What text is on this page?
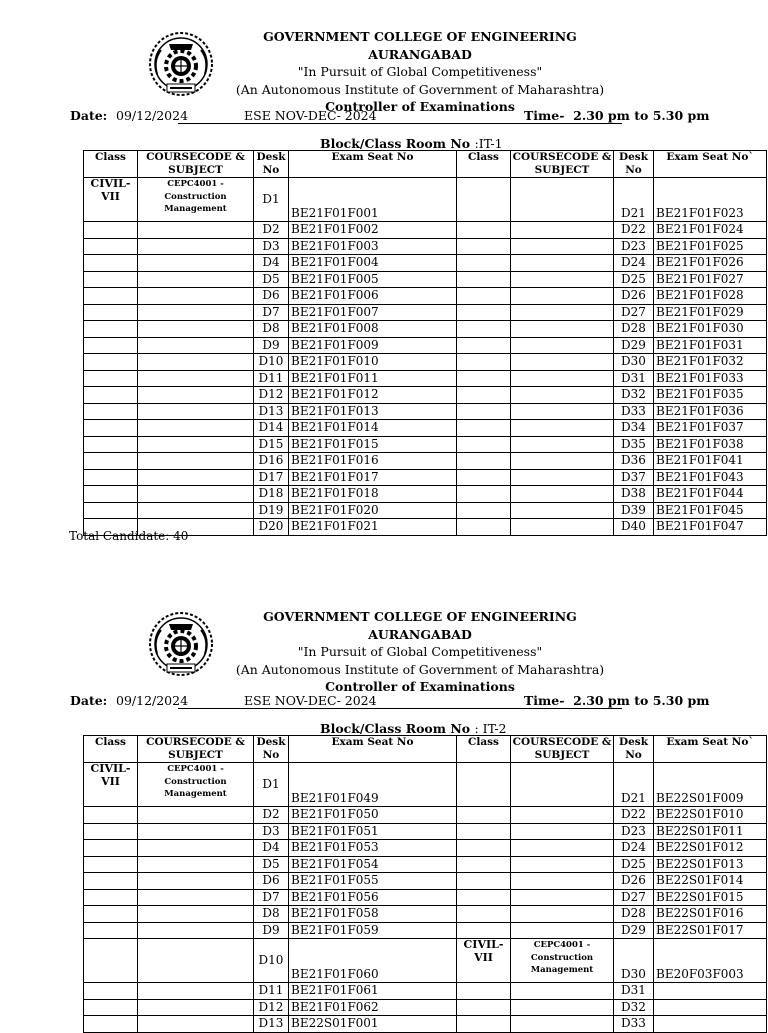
GOVERNMENT COLLEGE OF ENGINEERING AURANGABAD
"In Pursuit of Global Competitiveness"
(An Autonomous Institute of Government of Maharashtra)
Controller of Examinations
Date: 09/12/2024	ESE NOV-DEC- 2024	Time- 2.30 pm to 5.30 pm
Block/Class Room No :IT-1
Class	COURSECODE & SUBJECT	Desk No	Exam Seat No	Class	COURSECODE & SUBJECT	Desk No	Exam Seat No`
CIVIL-VII	CEPC4001 - Construction Management	D1	BE21F01F001			D21	BE21F01F023
		D2	BE21F01F002			D22	BE21F01F024
		D3	BE21F01F003			D23	BE21F01F025
		D4	BE21F01F004			D24	BE21F01F026
		D5	BE21F01F005			D25	BE21F01F027
		D6	BE21F01F006			D26	BE21F01F028
		D7	BE21F01F007			D27	BE21F01F029
		D8	BE21F01F008			D28	BE21F01F030
		D9	BE21F01F009			D29	BE21F01F031
		D10	BE21F01F010			D30	BE21F01F032
		D11	BE21F01F011			D31	BE21F01F033
		D12	BE21F01F012			D32	BE21F01F035
		D13	BE21F01F013			D33	BE21F01F036
		D14	BE21F01F014			D34	BE21F01F037
		D15	BE21F01F015			D35	BE21F01F038
		D16	BE21F01F016			D36	BE21F01F041
		D17	BE21F01F017			D37	BE21F01F043
		D18	BE21F01F018			D38	BE21F01F044
		D19	BE21F01F020			D39	BE21F01F045
		D20	BE21F01F021			D40	BE21F01F047
Total Candidate: 40
GOVERNMENT COLLEGE OF ENGINEERING AURANGABAD
"In Pursuit of Global Competitiveness"
(An Autonomous Institute of Government of Maharashtra)
Controller of Examinations
Date: 09/12/2024	ESE NOV-DEC- 2024	Time- 2.30 pm to 5.30 pm
Block/Class Room No : IT-2
Class	COURSECODE & SUBJECT	Desk No	Exam Seat No	Class	COURSECODE & SUBJECT	Desk No	Exam Seat No`
CIVIL-VII	CEPC4001 - Construction Management	D1	BE21F01F049			D21	BE22S01F009
		D2	BE21F01F050			D22	BE22S01F010
		D3	BE21F01F051			D23	BE22S01F011
		D4	BE21F01F053			D24	BE22S01F012
		D5	BE21F01F054			D25	BE22S01F013
		D6	BE21F01F055			D26	BE22S01F014
		D7	BE21F01F056			D27	BE22S01F015
		D8	BE21F01F058			D28	BE22S01F016
		D9	BE21F01F059			D29	BE22S01F017
		D10	BE21F01F060	CIVIL-VII	CEPC4001 - Construction Management	D30	BE20F03F003
		D11	BE21F01F061			D31	
		D12	BE21F01F062			D32	
		D13	BE22S01F001			D33	
